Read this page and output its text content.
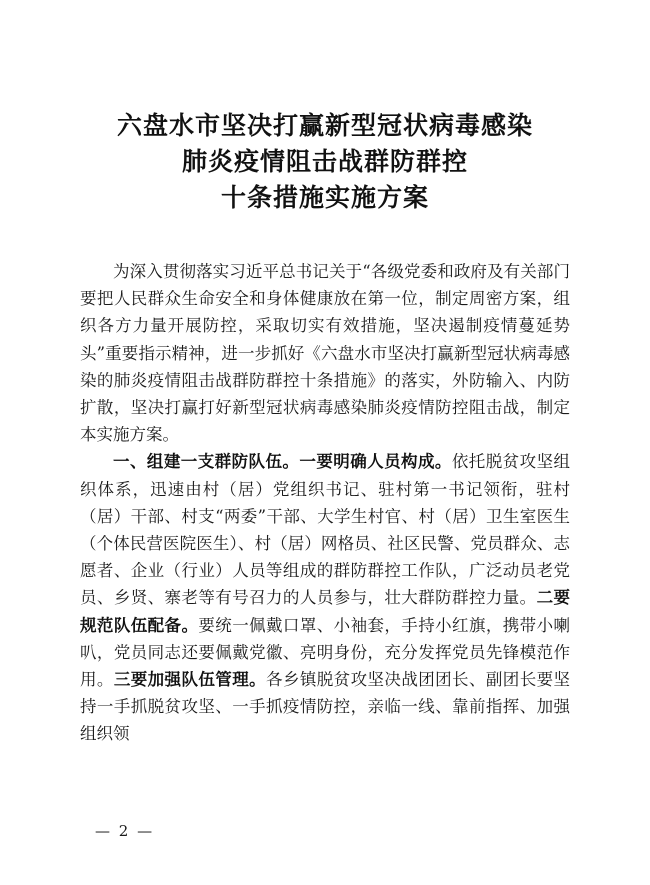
六盘水市坚决打赢新型冠状病毒感染
肺炎疫情阻击战群防群控
十条措施实施方案

为深入贯彻落实习近平总书记关于“各级党委和政府及有关部门要把人民群众生命安全和身体健康放在第一位，制定周密方案，组织各方力量开展防控，采取切实有效措施，坚决遏制疫情蔓延势头”重要指示精神，进一步抓好《六盘水市坚决打赢新型冠状病毒感染的肺炎疫情阻击战群防群控十条措施》的落实，外防输入、内防扩散，坚决打赢打好新型冠状病毒感染肺炎疫情防控阻击战，制定本实施方案。

一、组建一支群防队伍。一要明确人员构成。依托脱贫攻坚组织体系，迅速由村（居）党组织书记、驻村第一书记领衔，驻村（居）干部、村支“两委”干部、大学生村官、村（居）卫生室医生（个体民营医院医生）、村（居）网格员、社区民警、党员群众、志愿者、企业（行业）人员等组成的群防群控工作队，广泛动员老党员、乡贤、寨老等有号召力的人员参与，壮大群防群控力量。二要规范队伍配备。要统一佩戴口罩、小袖套，手持小红旗，携带小喇叭，党员同志还要佩戴党徽、亮明身份，充分发挥党员先锋模范作用。三要加强队伍管理。各乡镇脱贫攻坚决战团团长、副团长要坚持一手抓脱贫攻坚、一手抓疫情防控，亲临一线、靠前指挥、加强组织领

— 2 —
